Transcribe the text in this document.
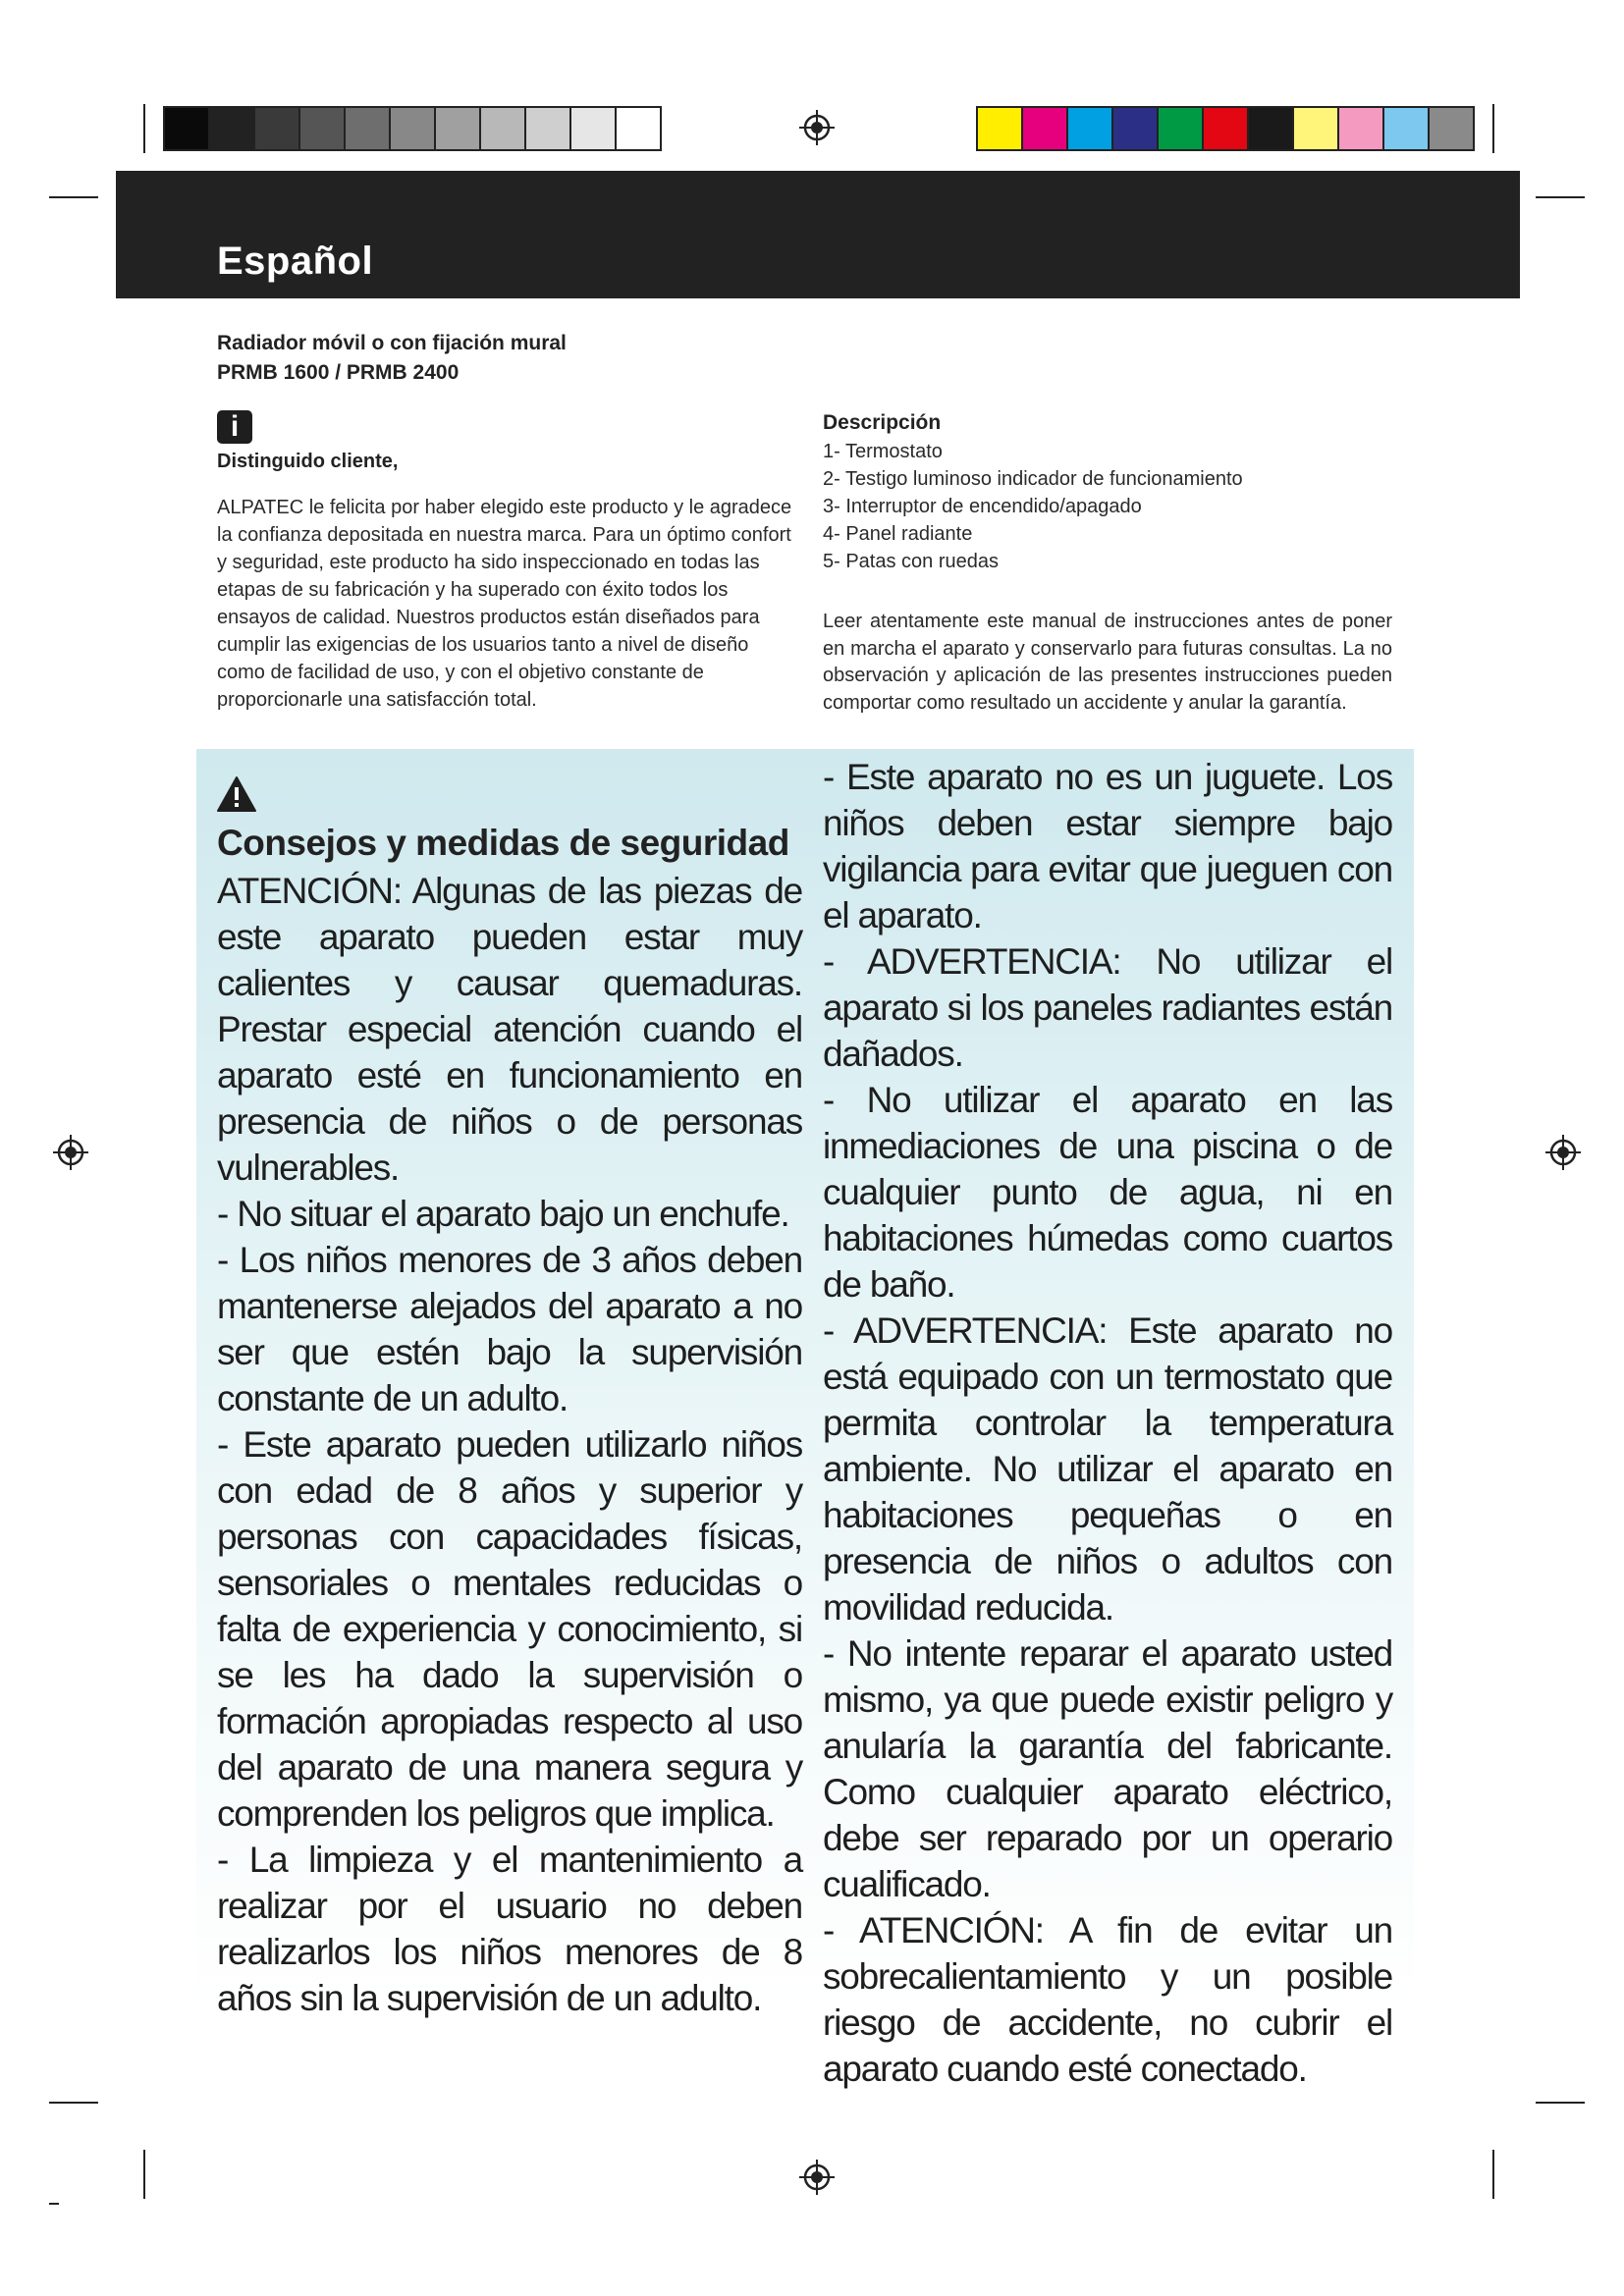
Español
Radiador móvil o con fijación mural
PRMB 1600 / PRMB 2400
i
Distinguido cliente,

ALPATEC le felicita por haber elegido este producto y le agradece la confianza depositada en nuestra marca. Para un óptimo confort y seguridad, este producto ha sido inspeccionado en todas las etapas de su fabricación y ha superado con éxito todos los ensayos de calidad. Nuestros productos están diseñados para cumplir las exigencias de los usuarios tanto a nivel de diseño como de facilidad de uso, y con el objetivo constante de proporcionarle una satisfacción total.

Descripción
1- Termostato
2- Testigo luminoso indicador de funcionamiento
3- Interruptor de encendido/apagado
4- Panel radiante
5- Patas con ruedas

Leer atentamente este manual de instrucciones antes de poner en marcha el aparato y conservarlo para futuras consultas. La no observación y aplicación de las presentes instrucciones pueden comportar como resultado un accidente y anular la garantía.

Consejos y medidas de seguridad

ATENCIÓN: Algunas de las piezas de este aparato pueden estar muy calientes y causar quemaduras. Prestar especial atención cuando el aparato esté en funcionamiento en presencia de niños o de personas vulnerables.

- No situar el aparato bajo un enchufe.

- Los niños menores de 3 años deben mantenerse alejados del aparato a no ser que estén bajo la supervisión constante de un adulto.

- Este aparato pueden utilizarlo niños con edad de 8 años y superior y personas con capacidades físicas, sensoriales o mentales reducidas o falta de experiencia y conocimiento, si se les ha dado la supervisión o formación apropiadas respecto al uso del aparato de una manera segura y comprenden los peligros que implica.

- La limpieza y el mantenimiento a realizar por el usuario no deben realizarlos los niños menores de 8 años sin la supervisión de un adulto.

- Este aparato no es un juguete. Los niños deben estar siempre bajo vigilancia para evitar que jueguen con el aparato.

- ADVERTENCIA: No utilizar el aparato si los paneles radiantes están dañados.

- No utilizar el aparato en las inmediaciones de una piscina o de cualquier punto de agua, ni en habitaciones húmedas como cuartos de baño.

- ADVERTENCIA: Este aparato no está equipado con un termostato que permita controlar la temperatura ambiente. No utilizar el aparato en habitaciones pequeñas o en presencia de niños o adultos con movilidad reducida.

- No intente reparar el aparato usted mismo, ya que puede existir peligro y anularía la garantía del fabricante. Como cualquier aparato eléctrico, debe ser reparado por un operario cualificado.

- ATENCIÓN: A fin de evitar un sobrecalientamiento y un posible riesgo de accidente, no cubrir el aparato cuando esté conectado.
